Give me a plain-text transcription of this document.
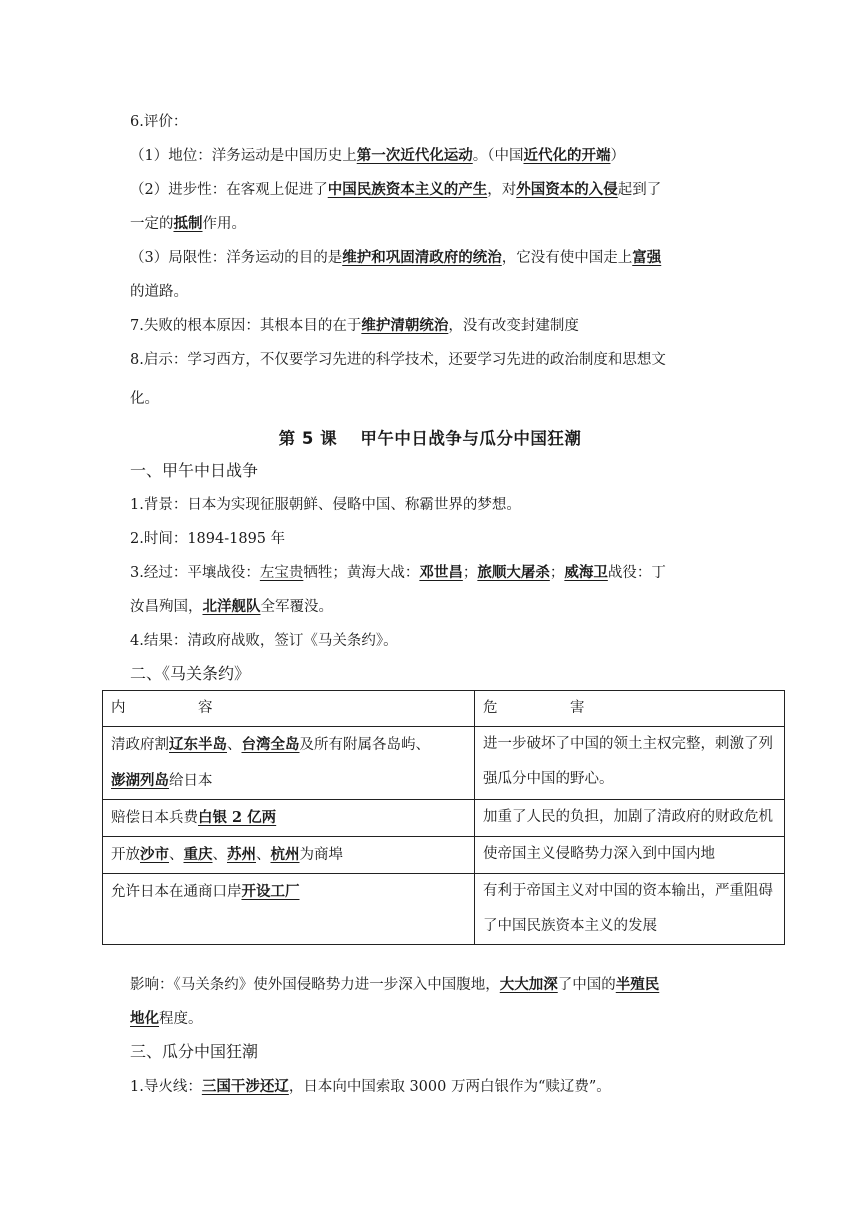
6.评价：
（1）地位：洋务运动是中国历史上第一次近代化运动。（中国近代化的开端）
（2）进步性：在客观上促进了中国民族资本主义的产生，对外国资本的入侵起到了
一定的抵制作用。
（3）局限性：洋务运动的目的是维护和巩固清政府的统治，它没有使中国走上富强
的道路。
7.失败的根本原因：其根本目的在于维护清朝统治，没有改变封建制度
8.启示：学习西方，不仅要学习先进的科学技术，还要学习先进的政治制度和思想文
化。
第 5 课　 甲午中日战争与瓜分中国狂潮
一、甲午中日战争
1.背景：日本为实现征服朝鲜、侵略中国、称霸世界的梦想。
2.时间：1894-1895 年
3.经过：平壤战役：左宝贵牺牲；黄海大战：邓世昌；旅顺大屠杀；威海卫战役：丁
汝昌殉国，北洋舰队全军覆没。
4.结果：清政府战败，签订《马关条约》。
二、《马关条约》
内　　　　　容	危　　　　　害
清政府割辽东半岛、台湾全岛及所有附属各岛屿、
澎湖列岛给日本	进一步破坏了中国的领土主权完整，刺激了列强瓜分中国的野心。
赔偿日本兵费白银 2 亿两	加重了人民的负担，加剧了清政府的财政危机
开放沙市、重庆、苏州、杭州为商埠	使帝国主义侵略势力深入到中国内地
允许日本在通商口岸开设工厂	有利于帝国主义对中国的资本输出，严重阻碍了中国民族资本主义的发展
影响：《马关条约》使外国侵略势力进一步深入中国腹地，大大加深了中国的半殖民
地化程度。
三、瓜分中国狂潮
1.导火线：三国干涉还辽，日本向中国索取 3000 万两白银作为“赎辽费”。
